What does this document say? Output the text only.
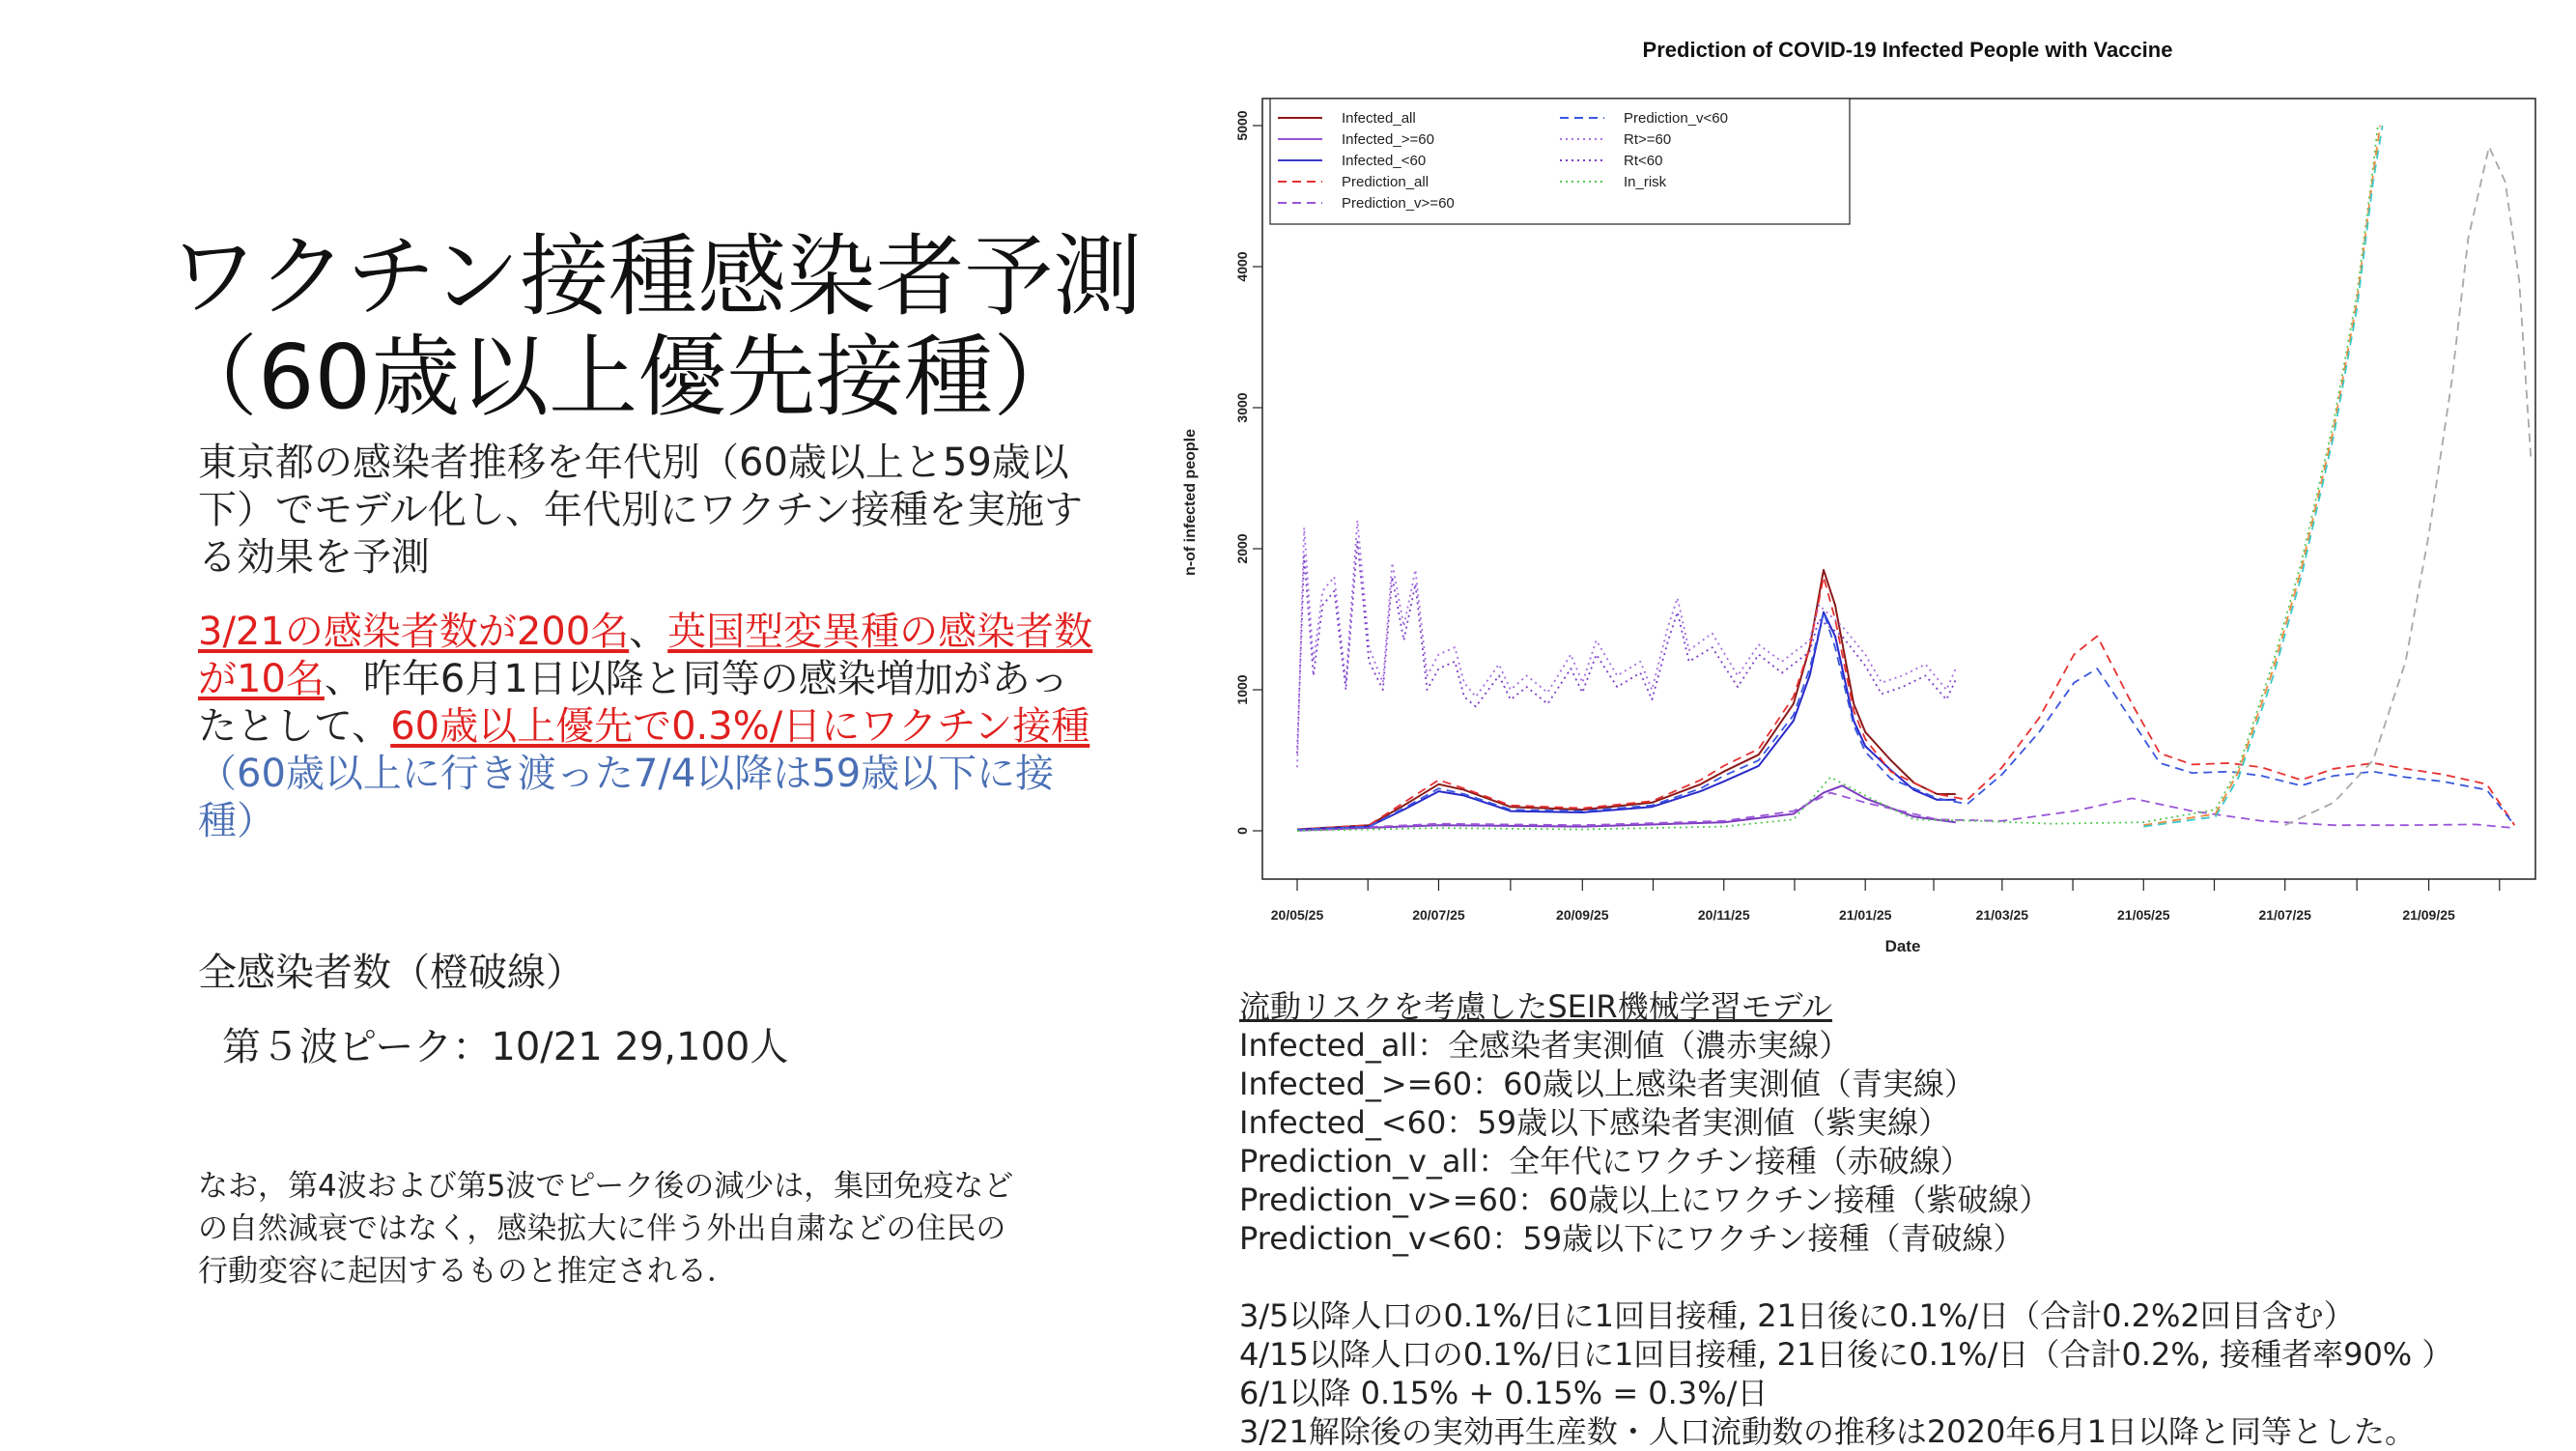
ワクチン接種感染者予測
（60歳以上優先接種）
東京都の感染者推移を年代別（60歳以上と59歳以下）でモデル化し、年代別にワクチン接種を実施する効果を予測
3/21の感染者数が200名、英国型変異種の感染者数が10名、昨年6月1日以降と同等の感染増加があったとして、60歳以上優先で0.3%/日にワクチン接種（60歳以上に行き渡った7/4以降は59歳以下に接種）
全感染者数（橙破線）
第５波ピーク：10/21 29,100人
なお，第4波および第5波でピーク後の減少は，集団免疫など
の自然減衰ではなく，感染拡大に伴う外出自粛などの住民の
行動変容に起因するものと推定される．
Prediction of COVID-19 Infected People with Vaccine
0
1000
2000
3000
4000
5000
20/05/25	20/07/25	20/09/25	20/11/25	21/01/25	21/03/25	21/05/25	21/07/25	21/09/25
n-of infected people
Date
Infected_all
Infected_>=60
Infected_<60
Prediction_all
Prediction_v>=60
Prediction_v<60
Rt>=60
Rt<60
In_risk
流動リスクを考慮したSEIR機械学習モデル
Infected_all：全感染者実測値（濃赤実線）
Infected_>=60：60歳以上感染者実測値（青実線）
Infected_<60：59歳以下感染者実測値（紫実線）
Prediction_v_all：全年代にワクチン接種（赤破線）
Prediction_v>=60：60歳以上にワクチン接種（紫破線）
Prediction_v<60：59歳以下にワクチン接種（青破線）
3/5以降人口の0.1%/日に1回目接種, 21日後に0.1%/日（合計0.2%2回目含む）
4/15以降人口の0.1%/日に1回目接種, 21日後に0.1%/日（合計0.2%, 接種者率90% ）
6/1以降 0.15% + 0.15% = 0.3%/日
3/21解除後の実効再生産数・人口流動数の推移は2020年6月1日以降と同等とした。
